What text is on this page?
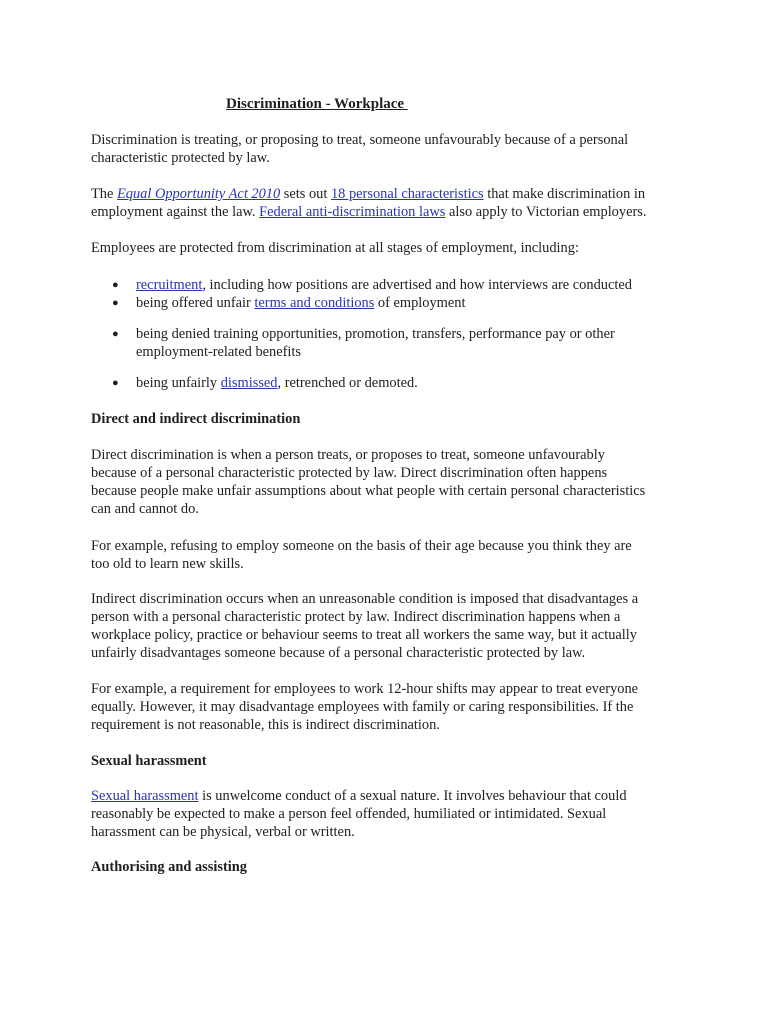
Discrimination - Workplace

Discrimination is treating, or proposing to treat, someone unfavourably because of a personal
characteristic protected by law.

The Equal Opportunity Act 2010 sets out 18 personal characteristics that make discrimination in
employment against the law. Federal anti-discrimination laws also apply to Victorian employers.

Employees are protected from discrimination at all stages of employment, including:

● recruitment, including how positions are advertised and how interviews are conducted
● being offered unfair terms and conditions of employment
● being denied training opportunities, promotion, transfers, performance pay or other
employment-related benefits
● being unfairly dismissed, retrenched or demoted.

Direct and indirect discrimination

Direct discrimination is when a person treats, or proposes to treat, someone unfavourably
because of a personal characteristic protected by law. Direct discrimination often happens
because people make unfair assumptions about what people with certain personal characteristics
can and cannot do.

For example, refusing to employ someone on the basis of their age because you think they are
too old to learn new skills.

Indirect discrimination occurs when an unreasonable condition is imposed that disadvantages a
person with a personal characteristic protect by law. Indirect discrimination happens when a
workplace policy, practice or behaviour seems to treat all workers the same way, but it actually
unfairly disadvantages someone because of a personal characteristic protected by law.

For example, a requirement for employees to work 12-hour shifts may appear to treat everyone
equally. However, it may disadvantage employees with family or caring responsibilities. If the
requirement is not reasonable, this is indirect discrimination.

Sexual harassment

Sexual harassment is unwelcome conduct of a sexual nature. It involves behaviour that could
reasonably be expected to make a person feel offended, humiliated or intimidated. Sexual
harassment can be physical, verbal or written.

Authorising and assisting
